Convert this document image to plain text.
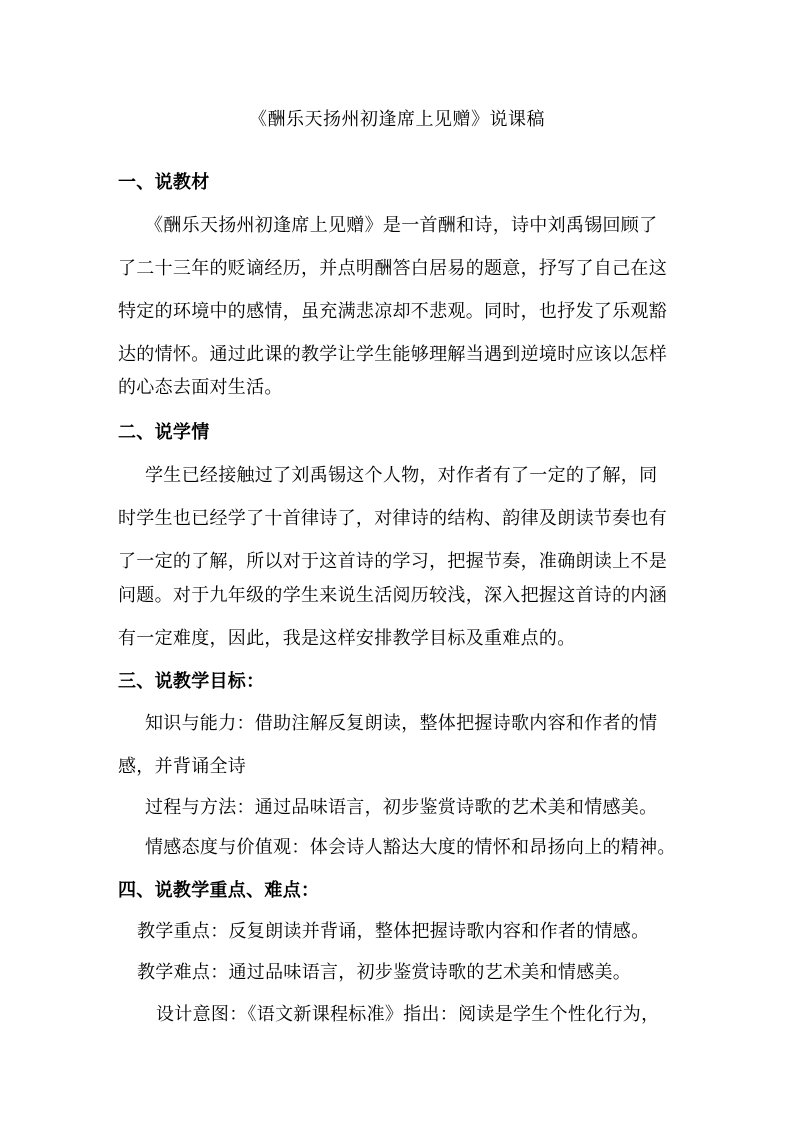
《酬乐天扬州初逢席上见赠》说课稿
一、说教材
《酬乐天扬州初逢席上见赠》是一首酬和诗，诗中刘禹锡回顾了
了二十三年的贬谪经历，并点明酬答白居易的题意，抒写了自己在这
特定的环境中的感情，虽充满悲凉却不悲观。同时，也抒发了乐观豁
达的情怀。通过此课的教学让学生能够理解当遇到逆境时应该以怎样
的心态去面对生活。
二、说学情
学生已经接触过了刘禹锡这个人物，对作者有了一定的了解，同
时学生也已经学了十首律诗了，对律诗的结构、韵律及朗读节奏也有
了一定的了解，所以对于这首诗的学习，把握节奏，准确朗读上不是
问题。对于九年级的学生来说生活阅历较浅，深入把握这首诗的内涵
有一定难度，因此，我是这样安排教学目标及重难点的。
三、说教学目标：
知识与能力：借助注解反复朗读，整体把握诗歌内容和作者的情
感，并背诵全诗
过程与方法：通过品味语言，初步鉴赏诗歌的艺术美和情感美。
情感态度与价值观：体会诗人豁达大度的情怀和昂扬向上的精神。
四、说教学重点、难点：
教学重点：反复朗读并背诵，整体把握诗歌内容和作者的情感。
教学难点：通过品味语言，初步鉴赏诗歌的艺术美和情感美。
设计意图：《语文新课程标准》指出：阅读是学生个性化行为，
